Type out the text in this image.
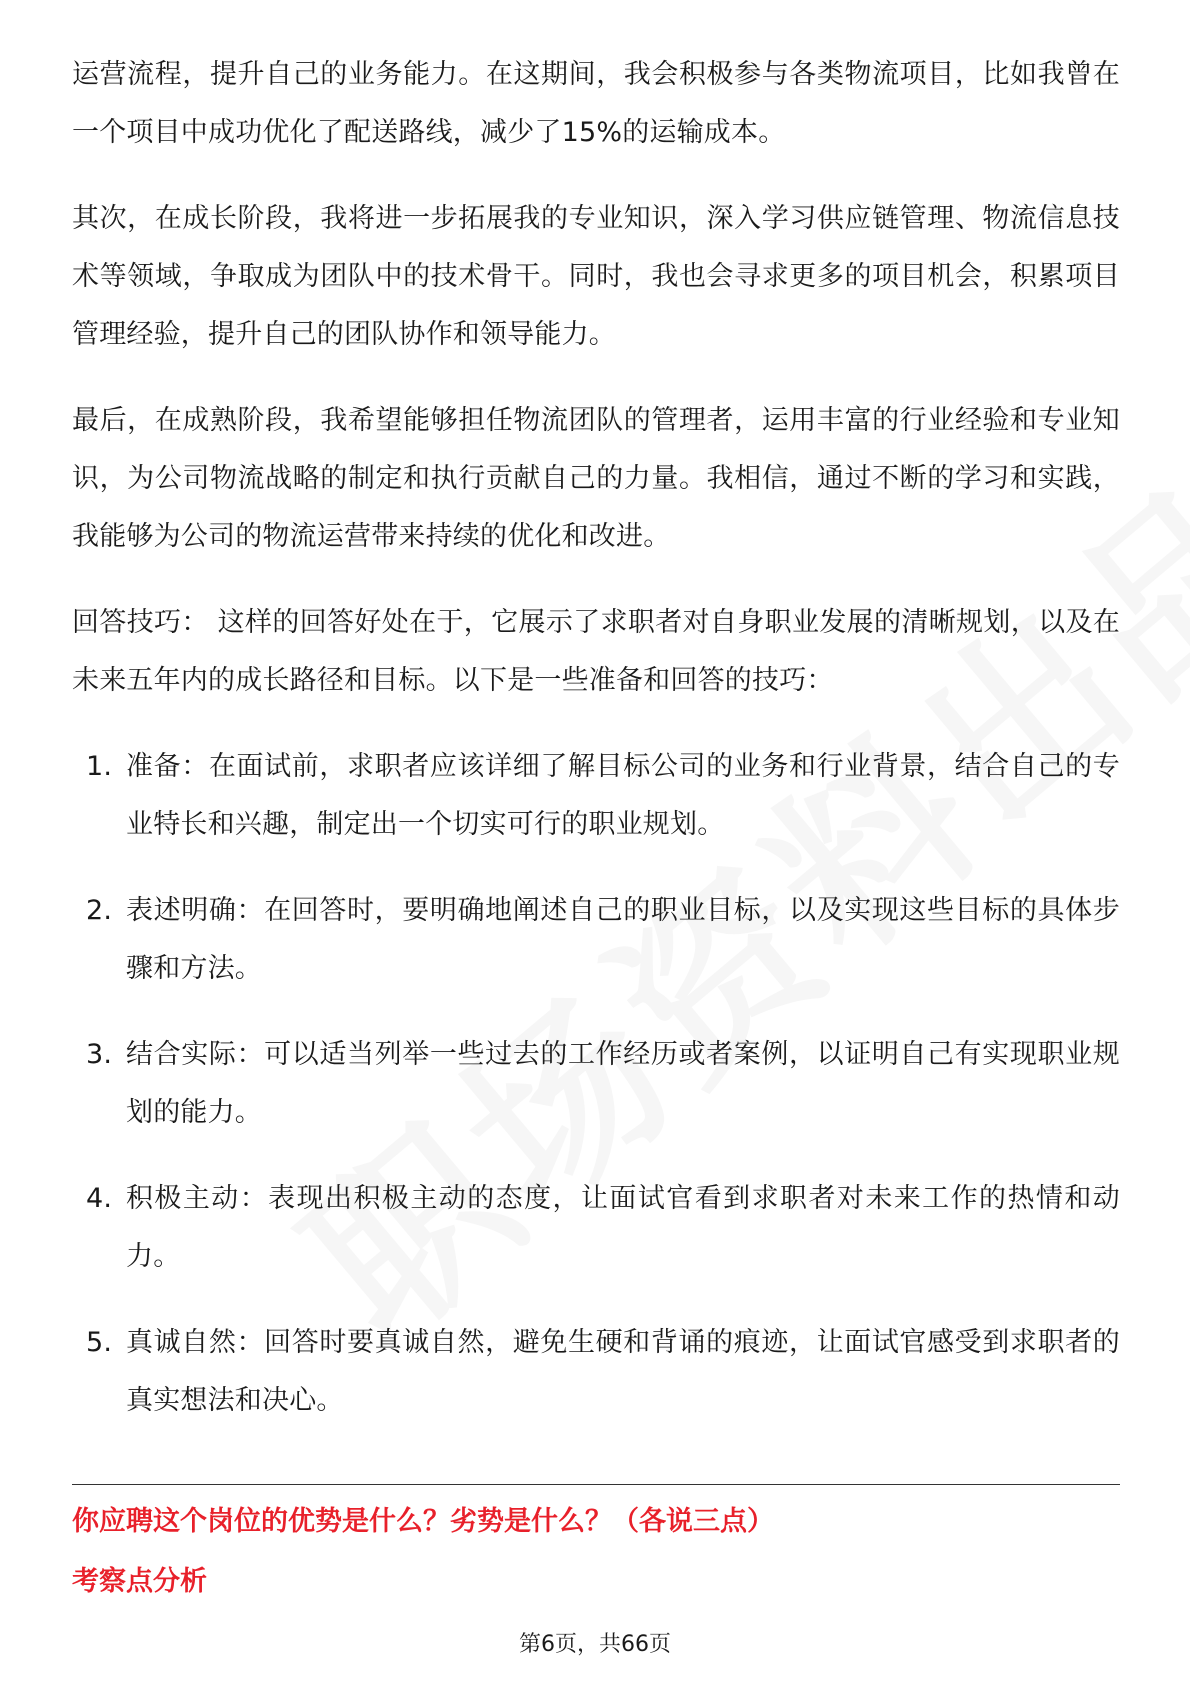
运营流程，提升自己的业务能力。在这期间，我会积极参与各类物流项目，比如我曾在一个项目中成功优化了配送路线，减少了15%的运输成本。

其次，在成长阶段，我将进一步拓展我的专业知识，深入学习供应链管理、物流信息技术等领域，争取成为团队中的技术骨干。同时，我也会寻求更多的项目机会，积累项目管理经验，提升自己的团队协作和领导能力。

最后，在成熟阶段，我希望能够担任物流团队的管理者，运用丰富的行业经验和专业知识，为公司物流战略的制定和执行贡献自己的力量。我相信，通过不断的学习和实践，我能够为公司的物流运营带来持续的优化和改进。

回答技巧： 这样的回答好处在于，它展示了求职者对自身职业发展的清晰规划，以及在未来五年内的成长路径和目标。以下是一些准备和回答的技巧：

1. 准备：在面试前，求职者应该详细了解目标公司的业务和行业背景，结合自己的专业特长和兴趣，制定出一个切实可行的职业规划。
2. 表述明确：在回答时，要明确地阐述自己的职业目标，以及实现这些目标的具体步骤和方法。
3. 结合实际：可以适当列举一些过去的工作经历或者案例，以证明自己有实现职业规划的能力。
4. 积极主动：表现出积极主动的态度，让面试官看到求职者对未来工作的热情和动力。
5. 真诚自然：回答时要真诚自然，避免生硬和背诵的痕迹，让面试官感受到求职者的真实想法和决心。
你应聘这个岗位的优势是什么？劣势是什么？（各说三点）
考察点分析
第6页，共66页
